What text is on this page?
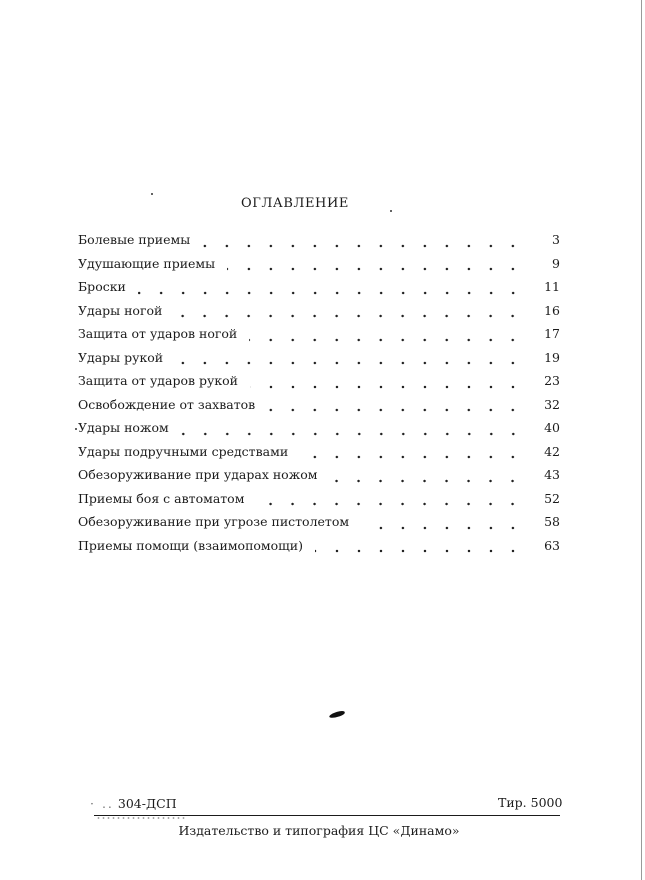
ОГЛАВЛЕНИЕ
Болевые приемы	3
Удушающие приемы	9
Броски	11
Удары ногой	16
Защита от ударов ногой	17
Удары рукой	19
Защита от ударов рукой	23
Освобождение от захватов	32
Удары ножом	40
Удары подручными средствами	42
Обезоруживание при ударах ножом	43
Приемы боя с автоматом	52
Обезоруживание при угрозе пистолетом	58
Приемы помощи (взаимопомощи)	63
· .. 304-ДСП	Тир. 5000
Издательство и типография ЦС «Динамо»
